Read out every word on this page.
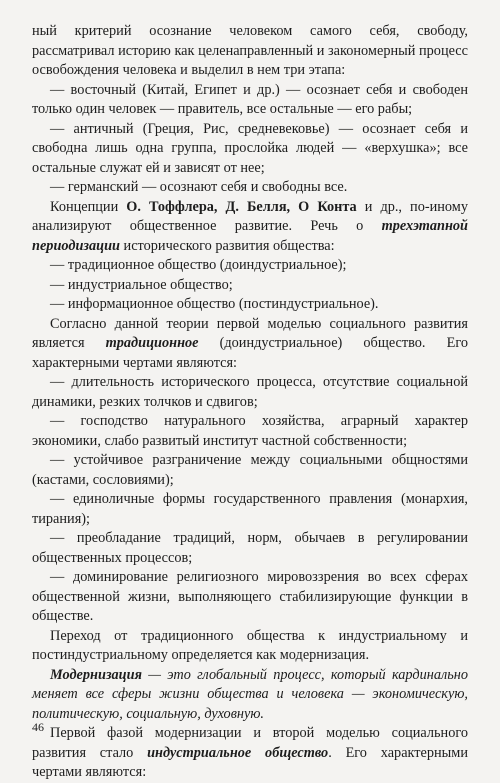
ный критерий осознание человеком самого себя, свободу, рассматривал историю как целенаправленный и закономерный процесс освобождения человека и выделил в нем три этапа:

— восточный (Китай, Египет и др.) — осознает себя и свободен только один человек — правитель, все остальные — его рабы;

— античный (Греция, Рис, средневековье) — осознает себя и свободна лишь одна группа, прослойка людей — «верхушка»; все остальные служат ей и зависят от нее;

— германский — осознают себя и свободны все.

Концепции О. Тоффлера, Д. Белля, О Конта и др., по-иному анализируют общественное развитие. Речь о трехэтапной периодизации исторического развития общества:

— традиционное общество (доиндустриальное);

— индустриальное общество;

— информационное общество (постиндустриальное).

Согласно данной теории первой моделью социального развития является традиционное (доиндустриальное) общество. Его характерными чертами являются:

— длительность исторического процесса, отсутствие социальной динамики, резких толчков и сдвигов;

— господство натурального хозяйства, аграрный характер экономики, слабо развитый институт частной собственности;

— устойчивое разграничение между социальными общностями (кастами, сословиями);

— единоличные формы государственного правления (монархия, тирания);

— преобладание традиций, норм, обычаев в регулировании общественных процессов;

— доминирование религиозного мировоззрения во всех сферах общественной жизни, выполняющего стабилизирующие функции в обществе.

Переход от традиционного общества к индустриальному и постиндустриальному определяется как модернизация.

Модернизация — это глобальный процесс, который кардинально меняет все сферы жизни общества и человека — экономическую, политическую, социальную, духовную.

Первой фазой модернизации и второй моделью социального развития стало индустриальное общество. Его характерными чертами являются:

46
